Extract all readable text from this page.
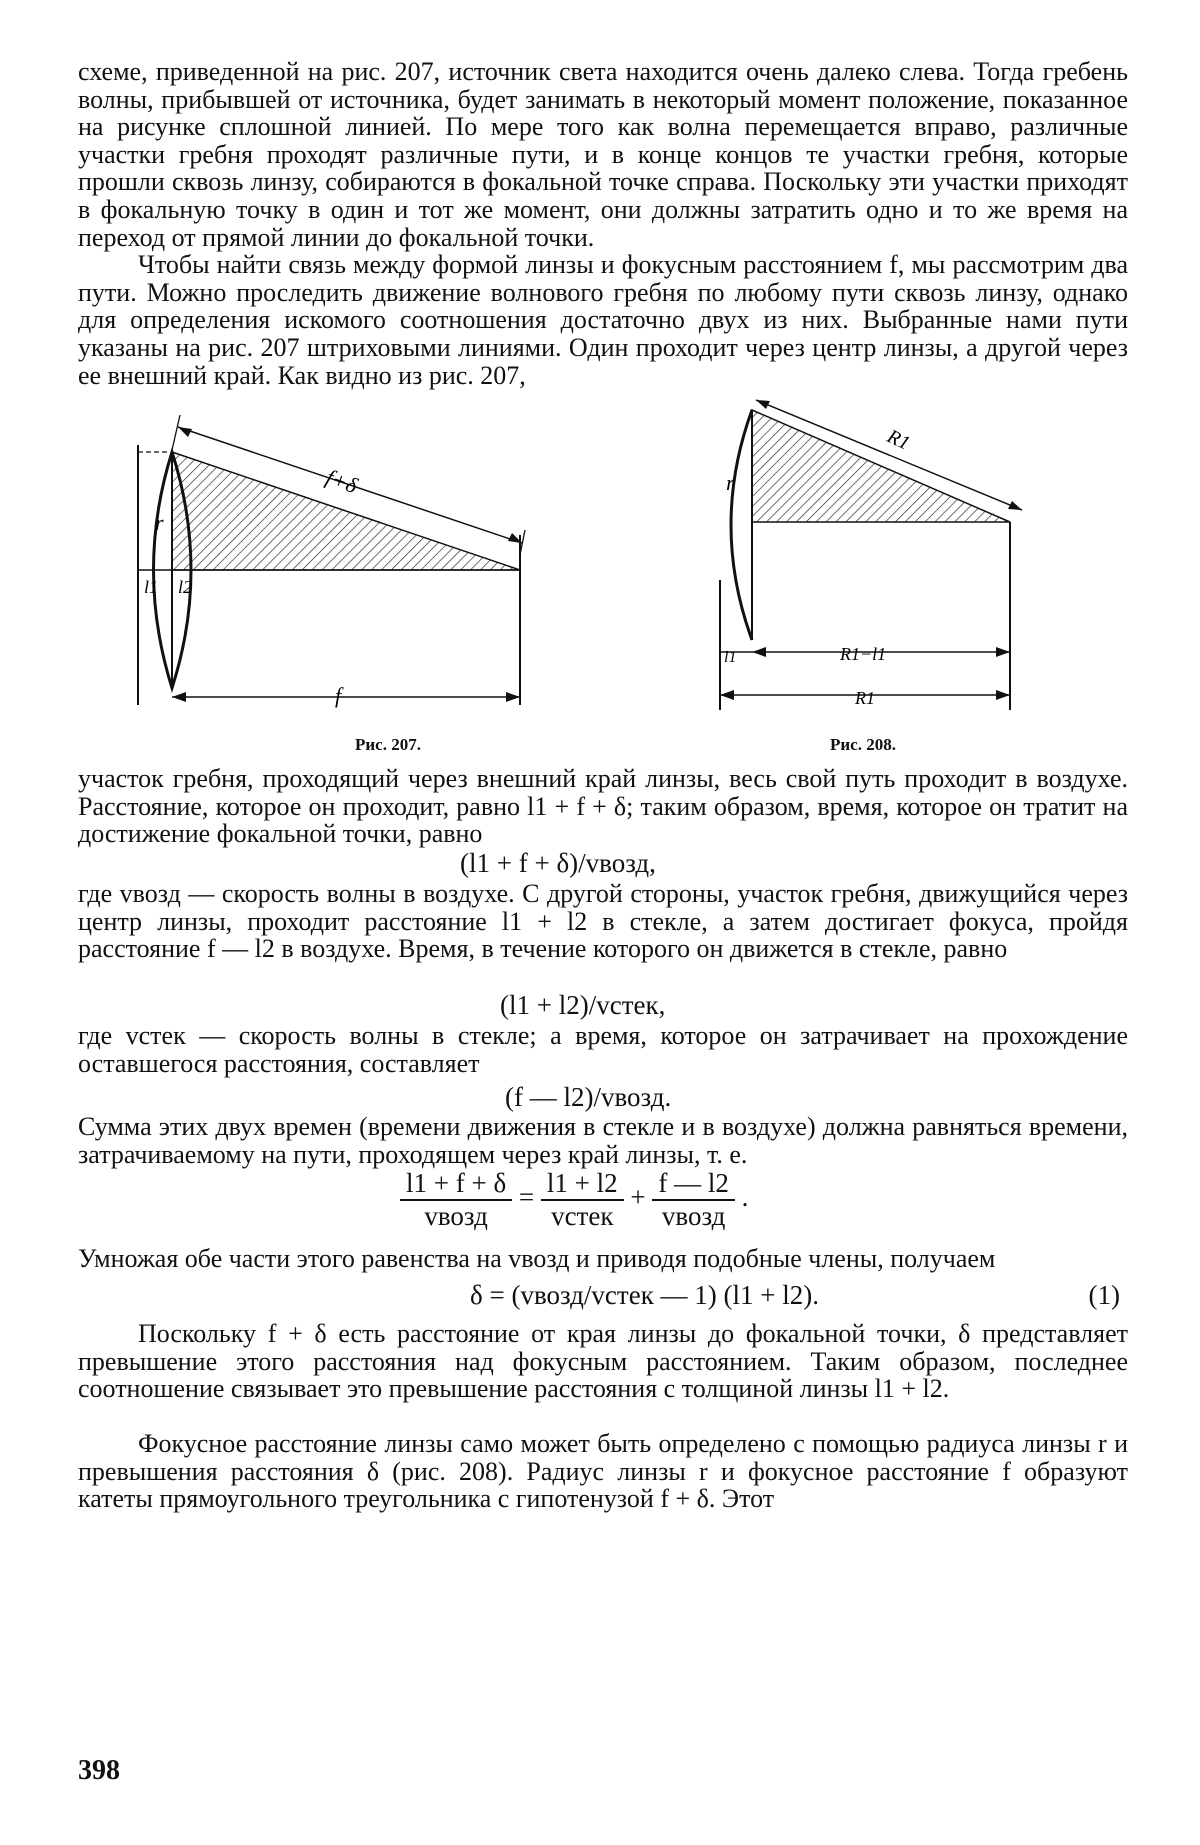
схеме, приведенной на рис. 207, источник света находится очень далеко слева. Тогда гребень волны, прибывшей от источника, будет занимать в некоторый момент положение, показанное на рисунке сплошной линией. По мере того как волна перемещается вправо, различные участки гребня проходят различные пути, и в конце концов те участки гребня, которые прошли сквозь линзу, собираются в фокальной точке справа. Поскольку эти участки приходят в фокальную точку в один и тот же момент, они должны затратить одно и то же время на переход от прямой линии до фокальной точки.

Чтобы найти связь между формой линзы и фокусным расстоянием f, мы рассмотрим два пути. Можно проследить движение волнового гребня по любому пути сквозь линзу, однако для определения искомого соотношения достаточно двух из них. Выбранные нами пути указаны на рис. 207 штриховыми линиями. Один проходит через центр линзы, а другой через ее внешний край. Как видно из рис. 207,

r
l1 l2
f+δ
f
Рис. 207.
r
R1
l1	R1−l1
R1
Рис. 208.

участок гребня, проходящий через внешний край линзы, весь свой путь проходит в воздухе. Расстояние, которое он проходит, равно l1 + f + δ; таким образом, время, которое он тратит на достижение фокальной точки, равно

(l1 + f + δ)/vвозд,

где vвозд — скорость волны в воздухе. С другой стороны, участок гребня, движущийся через центр линзы, проходит расстояние l1 + l2 в стекле, а затем достигает фокуса, пройдя расстояние f — l2 в воздухе. Время, в течение которого он движется в стекле, равно

(l1 + l2)/vстек,

где vстек — скорость волны в стекле; а время, которое он затрачивает на прохождение оставшегося расстояния, составляет

(f — l2)/vвозд.

Сумма этих двух времен (времени движения в стекле и в воздухе) должна равняться времени, затрачиваемому на пути, проходящем через край линзы, т. е.

$\frac{l1 + f + \delta}{\text{vвозд}} = \frac{l1 + l2}{\text{vстек}} + \frac{f — l2}{\text{vвозд}}$ .

Умножая обе части этого равенства на vвозд и приводя подобные члены, получаем

δ = (vвозд/vстек — 1) (l1 + l2).	(1)

Поскольку f + δ есть расстояние от края линзы до фокальной точки, δ представляет превышение этого расстояния над фокусным расстоянием. Таким образом, последнее соотношение связывает это превышение расстояния с толщиной линзы l1 + l2.

Фокусное расстояние линзы само может быть определено с помощью радиуса линзы r и превышения расстояния δ (рис. 208). Радиус линзы r и фокусное расстояние f образуют катеты прямоугольного треугольника с гипотенузой f + δ. Этот

398
